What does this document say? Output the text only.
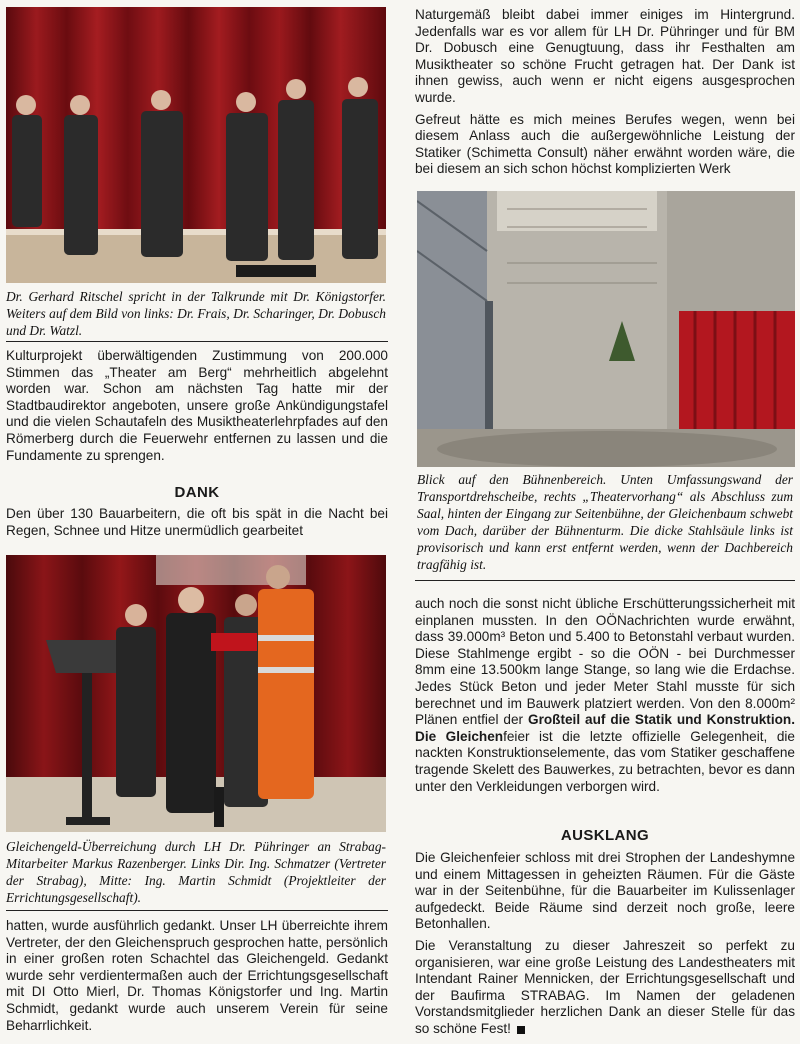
Dr. Gerhard Ritschel spricht in der Talkrunde mit Dr. Königstorfer. Weiters auf dem Bild von links: Dr. Frais, Dr. Scharinger, Dr. Dobusch und Dr. Watzl.

Kulturprojekt überwältigenden Zustimmung von 200.000 Stimmen das „Theater am Berg“ mehrheitlich abgelehnt worden war. Schon am nächsten Tag hatte mir der Stadtbaudirektor angeboten, unsere große Ankündigungstafel und die vielen Schautafeln des Musiktheaterlehrpfades auf den Römerberg durch die Feuerwehr entfernen zu lassen und die Fundamente zu sprengen.

DANK

Den über 130 Bauarbeitern, die oft bis spät in die Nacht bei Regen, Schnee und Hitze unermüdlich gearbeitet

Gleichengeld-Überreichung durch LH Dr. Pühringer an Strabag-Mitarbeiter Markus Razenberger. Links Dir. Ing. Schmatzer (Vertreter der Strabag), Mitte: Ing. Martin Schmidt (Projektleiter der Errichtungsgesellschaft).

hatten, wurde ausführlich gedankt. Unser LH überreichte ihrem Vertreter, der den Gleichenspruch gesprochen hatte, persönlich in einer großen roten Schachtel das Gleichengeld. Gedankt wurde sehr verdientermaßen auch der Errichtungsgesellschaft mit DI Otto Mierl, Dr. Thomas Königstorfer und Ing. Martin Schmidt, gedankt wurde auch unserem Verein für seine Beharrlichkeit.

Naturgemäß bleibt dabei immer einiges im Hintergrund. Jedenfalls war es vor allem für LH Dr. Pühringer und für BM Dr. Dobusch eine Genugtuung, dass ihr Festhalten am Musiktheater so schöne Frucht getragen hat. Der Dank ist ihnen gewiss, auch wenn er nicht eigens ausgesprochen wurde.

Gefreut hätte es mich meines Berufes wegen, wenn bei diesem Anlass auch die außergewöhnliche Leistung der Statiker (Schimetta Consult) näher erwähnt worden wäre, die bei diesem an sich schon höchst komplizierten Werk

Blick auf den Bühnenbereich. Unten Umfassungswand der Transportdrehscheibe, rechts „Theatervorhang“ als Abschluss zum Saal, hinten der Eingang zur Seitenbühne, der Gleichenbaum schwebt vom Dach, darüber der Bühnenturm. Die dicke Stahlsäule links ist provisorisch und kann erst entfernt werden, wenn der Dachbereich tragfähig ist.

auch noch die sonst nicht übliche Erschütterungssicherheit mit einplanen mussten. In den OÖNachrichten wurde erwähnt, dass 39.000m³ Beton und 5.400 to Betonstahl verbaut wurden. Diese Stahlmenge ergibt - so die OÖN - bei Durchmesser 8mm eine 13.500km lange Stange, so lang wie die Erdachse. Jedes Stück Beton und jeder Meter Stahl musste für sich berechnet und im Bauwerk platziert werden. Von den 8.000m² Plänen entfiel der Großteil auf die Statik und Konstruktion. Die Gleichenfeier ist die letzte offizielle Gelegenheit, die nackten Konstruktionselemente, das vom Statiker geschaffene tragende Skelett des Bauwerkes, zu betrachten, bevor es dann unter den Verkleidungen verborgen wird.

AUSKLANG

Die Gleichenfeier schloss mit drei Strophen der Landeshymne und einem Mittagessen in geheizten Räumen. Für die Gäste war in der Seitenbühne, für die Bauarbeiter im Kulissenlager aufgedeckt. Beide Räume sind derzeit noch große, leere Betonhallen.

Die Veranstaltung zu dieser Jahreszeit so perfekt zu organisieren, war eine große Leistung des Landestheaters mit Intendant Rainer Mennicken, der Errichtungsgesellschaft und der Baufirma STRABAG. Im Namen der geladenen Vorstandsmitglieder herzlichen Dank an dieser Stelle für das so schöne Fest!
